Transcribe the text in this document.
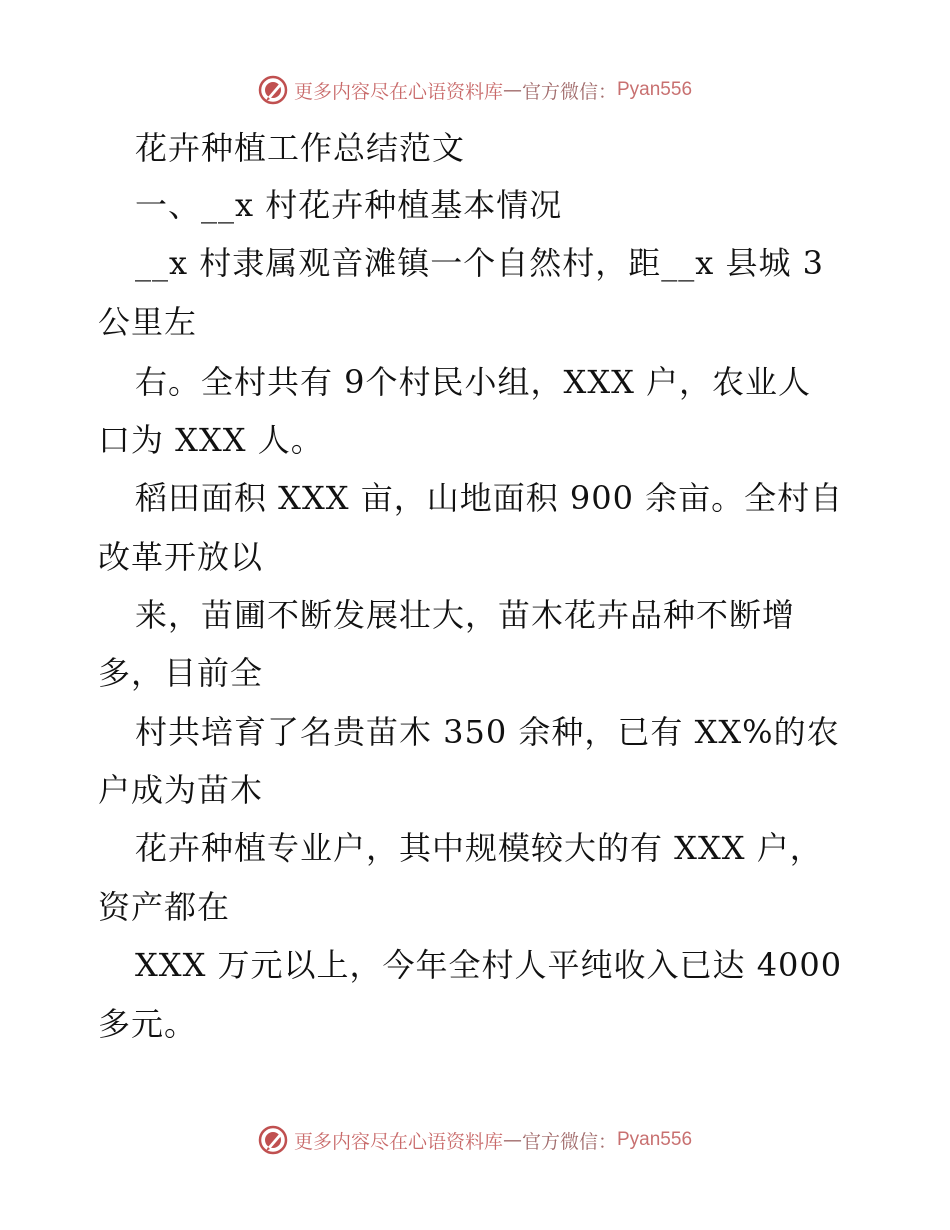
更多内容尽在心语资料库 — 官方微信： Pyan556
花卉种植工作总结范文
一、__x 村花卉种植基本情况
__x 村隶属观音滩镇一个自然村，距__x 县城 3
公里左
右。全村共有 9个村民小组，XXX 户，农业人
口为 XXX 人。
稻田面积 XXX 亩，山地面积 900 余亩。全村自
改革开放以
来，苗圃不断发展壮大，苗木花卉品种不断增
多，目前全
村共培育了名贵苗木 350 余种，已有 XX%的农
户成为苗木
花卉种植专业户，其中规模较大的有 XXX 户，
资产都在
XXX 万元以上，今年全村人平纯收入已达 4000
多元。
更多内容尽在心语资料库 — 官方微信： Pyan556
